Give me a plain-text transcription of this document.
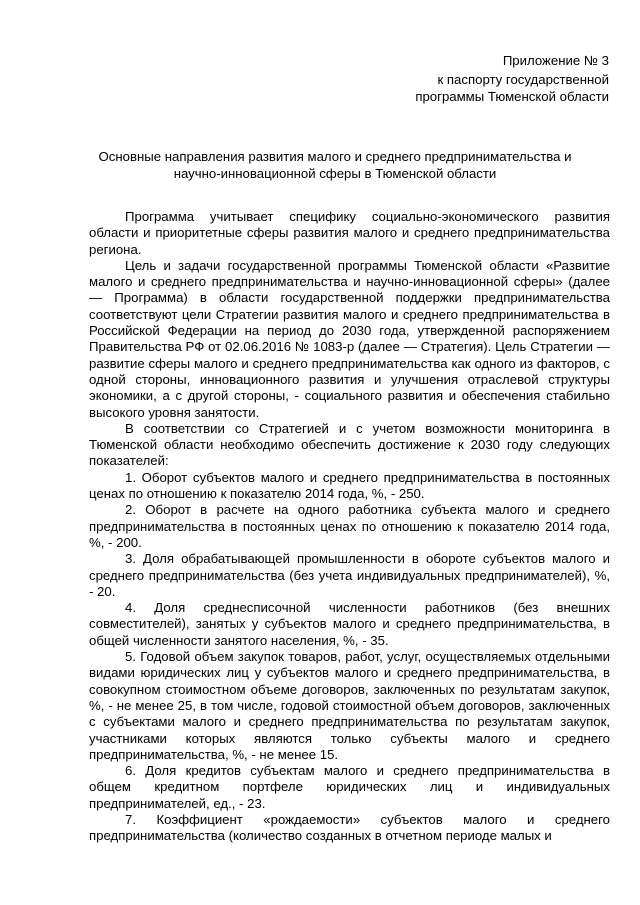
Приложение № 3
к паспорту государственной
программы Тюменской области
Основные направления развития малого и среднего предпринимательства и
научно-инновационной сферы в Тюменской области

Программа учитывает специфику социально-экономического развития области и приоритетные сферы развития малого и среднего предпринимательства региона.

Цель и задачи государственной программы Тюменской области «Развитие малого и среднего предпринимательства и научно-инновационной сферы» (далее — Программа) в области государственной поддержки предпринимательства соответствуют цели Стратегии развития малого и среднего предпринимательства в Российской Федерации на период до 2030 года, утвержденной распоряжением Правительства РФ от 02.06.2016 № 1083-р (далее — Стратегия). Цель Стратегии — развитие сферы малого и среднего предпринимательства как одного из факторов, с одной стороны, инновационного развития и улучшения отраслевой структуры экономики, а с другой стороны, - социального развития и обеспечения стабильно высокого уровня занятости.

В соответствии со Стратегией и с учетом возможности мониторинга в Тюменской области необходимо обеспечить достижение к 2030 году следующих показателей:

1. Оборот субъектов малого и среднего предпринимательства в постоянных ценах по отношению к показателю 2014 года, %, - 250.

2. Оборот в расчете на одного работника субъекта малого и среднего предпринимательства в постоянных ценах по отношению к показателю 2014 года, %, - 200.

3. Доля обрабатывающей промышленности в обороте субъектов малого и среднего предпринимательства (без учета индивидуальных предпринимателей), %, - 20.

4. Доля среднесписочной численности работников (без внешних совместителей), занятых у субъектов малого и среднего предпринимательства, в общей численности занятого населения, %, - 35.

5. Годовой объем закупок товаров, работ, услуг, осуществляемых отдельными видами юридических лиц у субъектов малого и среднего предпринимательства, в совокупном стоимостном объеме договоров, заключенных по результатам закупок, %, - не менее 25, в том числе, годовой стоимостной объем договоров, заключенных с субъектами малого и среднего предпринимательства по результатам закупок, участниками которых являются только субъекты малого и среднего предпринимательства, %, - не менее 15.

6. Доля кредитов субъектам малого и среднего предпринимательства в общем кредитном портфеле юридических лиц и индивидуальных предпринимателей, ед., - 23.

7. Коэффициент «рождаемости» субъектов малого и среднего предпринимательства (количество созданных в отчетном периоде малых и
